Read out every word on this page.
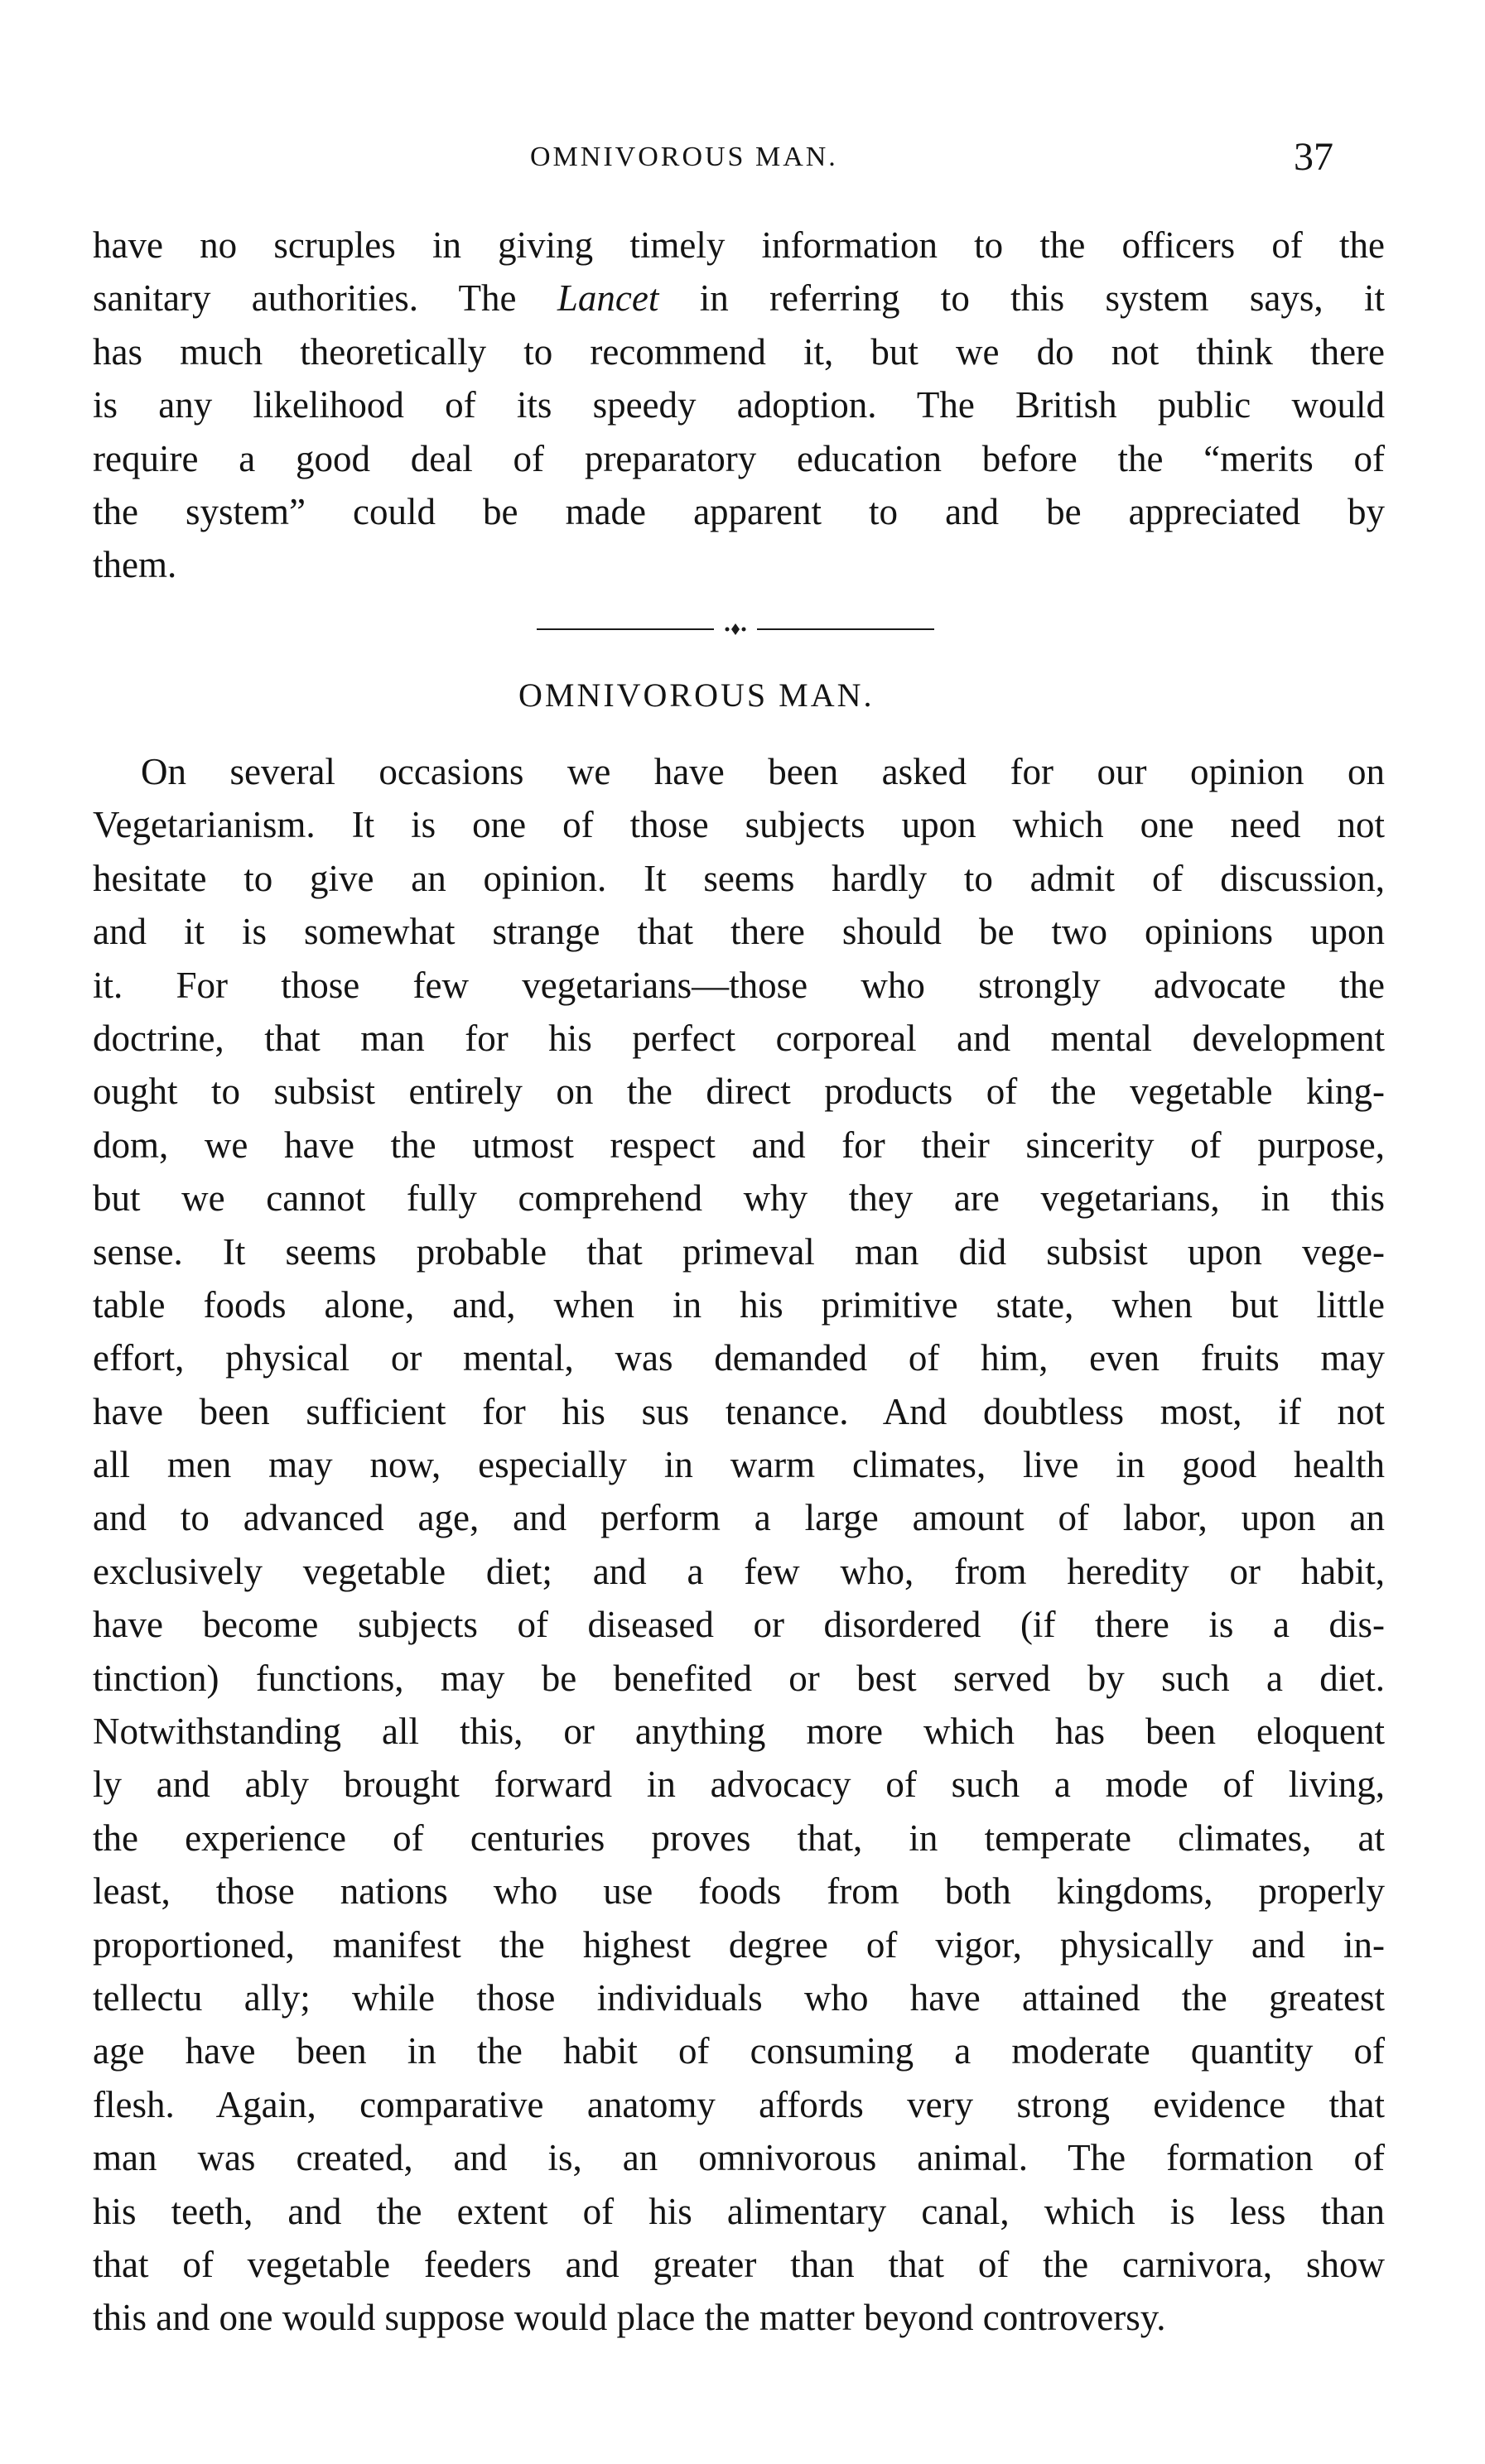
OMNIVOROUS MAN.	37
have no scruples in giving timely information to the officers of the
sanitary authorities. The Lancet in referring to this system says, it
has much theoretically to recommend it, but we do not think there
is any likelihood of its speedy adoption. The British public would
require a good deal of preparatory education before the “merits of
the system” could be made apparent to and be appreciated by
them.
OMNIVOROUS MAN.
On several occasions we have been asked for our opinion on
Vegetarianism. It is one of those subjects upon which one need not
hesitate to give an opinion. It seems hardly to admit of discussion,
and it is somewhat strange that there should be two opinions upon
it. For those few vegetarians—those who strongly advocate the
doctrine, that man for his perfect corporeal and mental development
ought to subsist entirely on the direct products of the vegetable king-
dom, we have the utmost respect and for their sincerity of purpose,
but we cannot fully comprehend why they are vegetarians, in this
sense. It seems probable that primeval man did subsist upon vege-
table foods alone, and, when in his primitive state, when but little
effort, physical or mental, was demanded of him, even fruits may
have been sufficient for his sus tenance. And doubtless most, if not
all men may now, especially in warm climates, live in good health
and to advanced age, and perform a large amount of labor, upon an
exclusively vegetable diet; and a few who, from heredity or habit,
have become subjects of diseased or disordered (if there is a dis-
tinction) functions, may be benefited or best served by such a diet.
Notwithstanding all this, or anything more which has been eloquent
ly and ably brought forward in advocacy of such a mode of living,
the experience of centuries proves that, in temperate climates, at
least, those nations who use foods from both kingdoms, properly
proportioned, manifest the highest degree of vigor, physically and in-
tellectu ally; while those individuals who have attained the greatest
age have been in the habit of consuming a moderate quantity of
flesh. Again, comparative anatomy affords very strong evidence that
man was created, and is, an omnivorous animal. The formation of
his teeth, and the extent of his alimentary canal, which is less than
that of vegetable feeders and greater than that of the carnivora, show
this and one would suppose would place the matter beyond controversy.
